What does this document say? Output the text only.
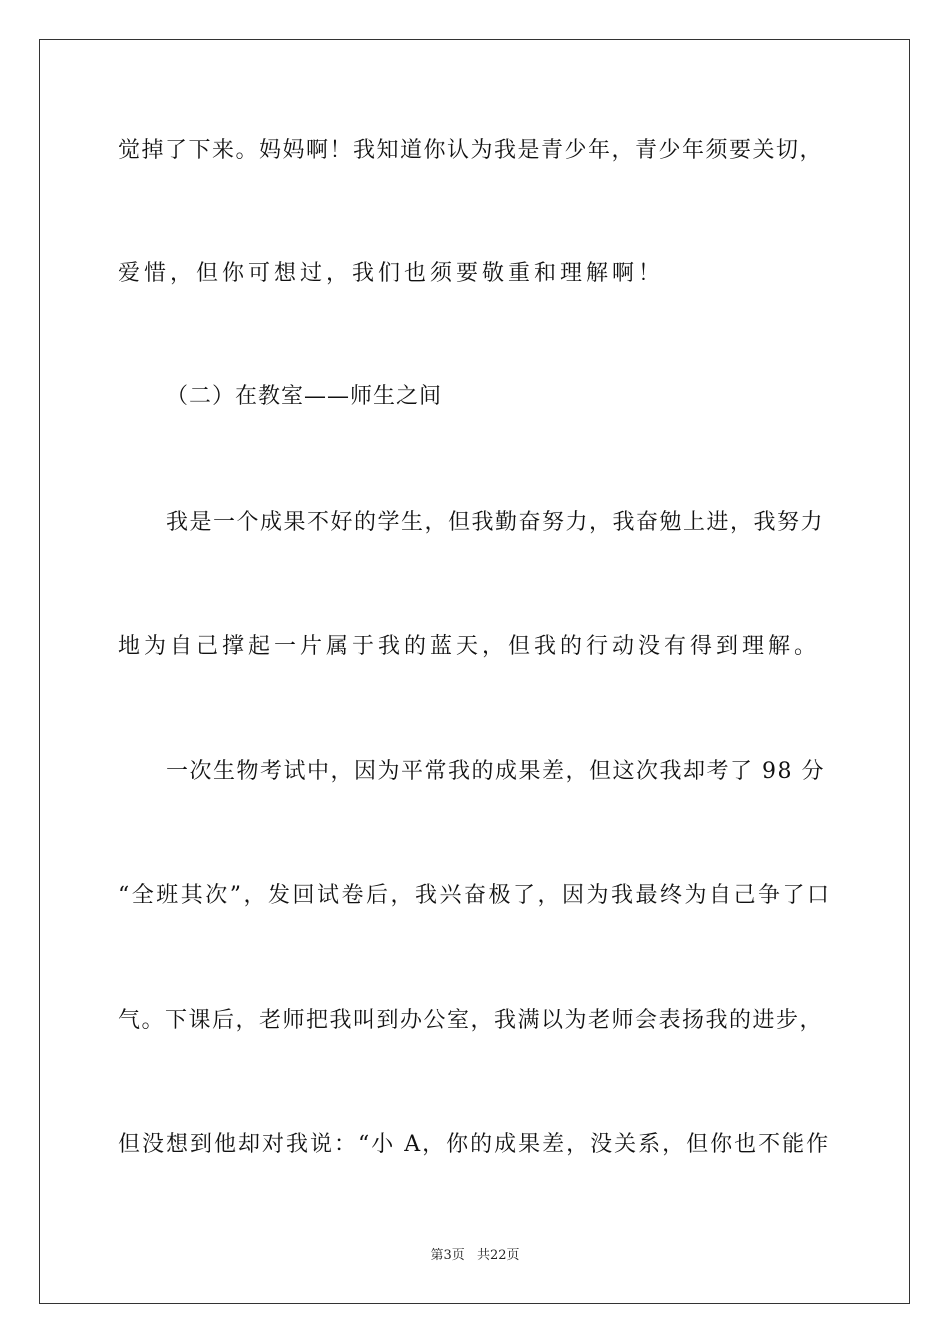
觉掉了下来。妈妈啊！我知道你认为我是青少年，青少年须要关切，
爱惜，但你可想过，我们也须要敬重和理解啊！
（二）在教室——师生之间
我是一个成果不好的学生，但我勤奋努力，我奋勉上进，我努力
地为自己撑起一片属于我的蓝天，但我的行动没有得到理解。
一次生物考试中，因为平常我的成果差，但这次我却考了 98 分
“全班其次”，发回试卷后，我兴奋极了，因为我最终为自己争了口
气。下课后，老师把我叫到办公室，我满以为老师会表扬我的进步，
但没想到他却对我说：“小 A，你的成果差，没关系，但你也不能作
第3页 共22页
